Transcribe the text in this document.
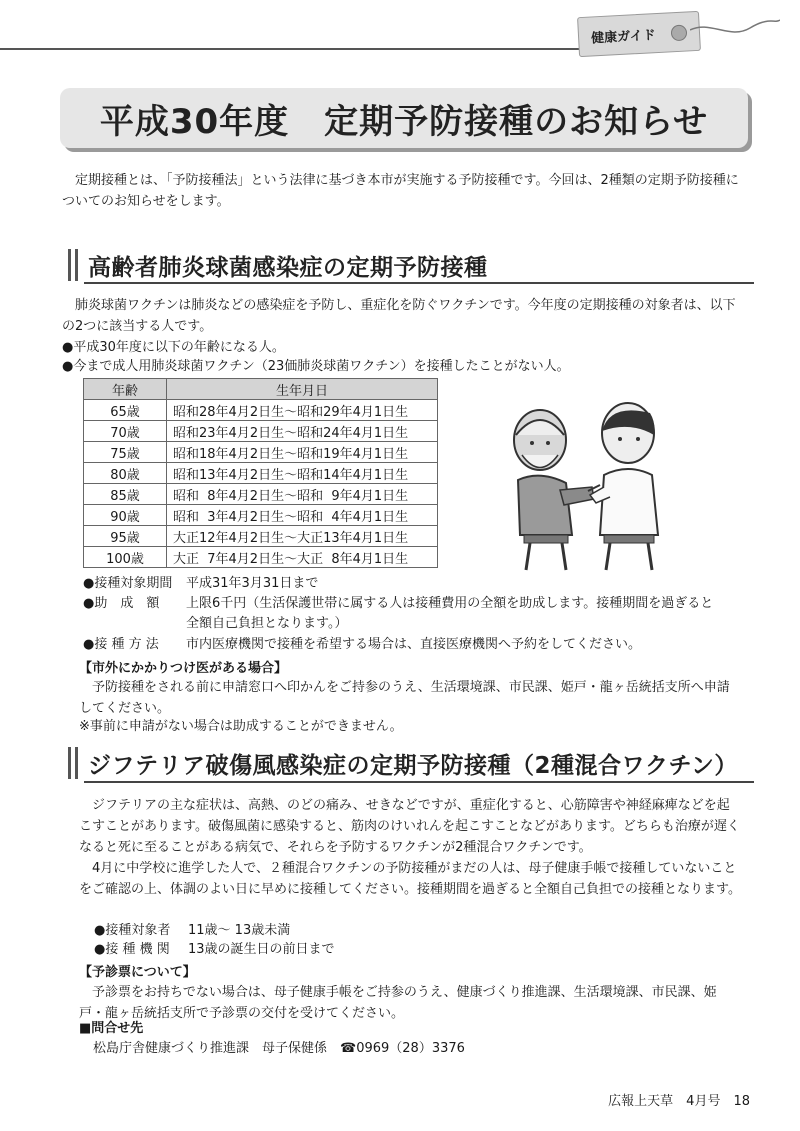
健康ガイド
平成30年度　定期予防接種のお知らせ
定期接種とは、「予防接種法」という法律に基づき本市が実施する予防接種です。今回は、2種類の定期予防接種についてのお知らせをします。
高齢者肺炎球菌感染症の定期予防接種
肺炎球菌ワクチンは肺炎などの感染症を予防し、重症化を防ぐワクチンです。今年度の定期接種の対象者は、以下の2つに該当する人です。
●平成30年度に以下の年齢になる人。
●今まで成人用肺炎球菌ワクチン（23価肺炎球菌ワクチン）を接種したことがない人。
年齢	生年月日
65歳	昭和28年4月2日生～昭和29年4月1日生
70歳	昭和23年4月2日生～昭和24年4月1日生
75歳	昭和18年4月2日生～昭和19年4月1日生
80歳	昭和13年4月2日生～昭和14年4月1日生
85歳	昭和  8年4月2日生～昭和  9年4月1日生
90歳	昭和  3年4月2日生～昭和  4年4月1日生
95歳	大正12年4月2日生～大正13年4月1日生
100歳	大正  7年4月2日生～大正  8年4月1日生
●接種対象期間	平成31年3月31日まで
●助　成　額	上限6千円（生活保護世帯に属する人は接種費用の全額を助成します。接種期間を過ぎると
全額自己負担となります。）
●接 種 方 法	市内医療機関で接種を希望する場合は、直接医療機関へ予約をしてください。
【市外にかかりつけ医がある場合】
予防接種をされる前に申請窓口へ印かんをご持参のうえ、生活環境課、市民課、姫戸・龍ヶ岳統括支所へ申請してください。
※事前に申請がない場合は助成することができません。
ジフテリア破傷風感染症の定期予防接種（2種混合ワクチン）
ジフテリアの主な症状は、高熱、のどの痛み、せきなどですが、重症化すると、心筋障害や神経麻痺などを起こすことがあります。破傷風菌に感染すると、筋肉のけいれんを起こすことなどがあります。どちらも治療が遅くなると死に至ることがある病気で、それらを予防するワクチンが2種混合ワクチンです。
4月に中学校に進学した人で、２種混合ワクチンの予防接種がまだの人は、母子健康手帳で接種していないことをご確認の上、体調のよい日に早めに接種してください。接種期間を過ぎると全額自己負担での接種となります。
●接種対象者	11歳～ 13歳未満
●接 種 機 関	13歳の誕生日の前日まで
【予診票について】
予診票をお持ちでない場合は、母子健康手帳をご持参のうえ、健康づくり推進課、生活環境課、市民課、姫戸・龍ヶ岳統括支所で予診票の交付を受けてください。
■問合せ先
松島庁舎健康づくり推進課　母子保健係　☎0969（28）3376
広報上天草　4月号　18
